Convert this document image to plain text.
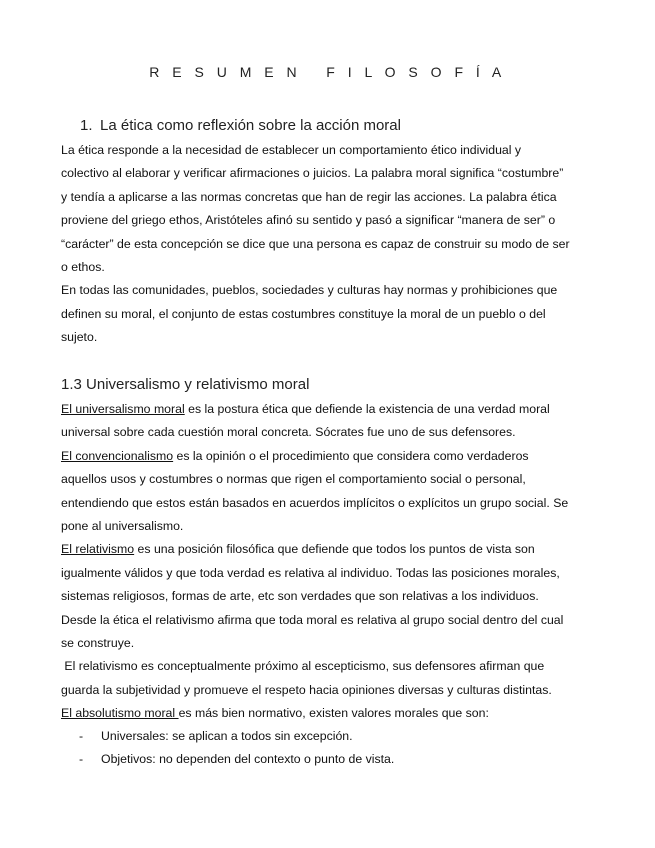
R E S U M E N   F I L O S O F Í A
1. La ética como reflexión sobre la acción moral

La ética responde a la necesidad de establecer un comportamiento ético individual y

colectivo al elaborar y verificar afirmaciones o juicios. La palabra moral significa “costumbre”

y tendía a aplicarse a las normas concretas que han de regir las acciones. La palabra ética

proviene del griego ethos, Aristóteles afinó su sentido y pasó a significar “manera de ser” o

“carácter” de esta concepción se dice que una persona es capaz de construir su modo de ser

o ethos.

En todas las comunidades, pueblos, sociedades y culturas hay normas y prohibiciones que

definen su moral, el conjunto de estas costumbres constituye la moral de un pueblo o del

sujeto.

1.3 Universalismo y relativismo moral

El universalismo moral es la postura ética que defiende la existencia de una verdad moral

universal sobre cada cuestión moral concreta. Sócrates fue uno de sus defensores.

El convencionalismo es la opinión o el procedimiento que considera como verdaderos

aquellos usos y costumbres o normas que rigen el comportamiento social o personal,

entendiendo que estos están basados en acuerdos implícitos o explícitos un grupo social. Se

pone al universalismo.

El relativismo es una posición filosófica que defiende que todos los puntos de vista son

igualmente válidos y que toda verdad es relativa al individuo. Todas las posiciones morales,

sistemas religiosos, formas de arte, etc son verdades que son relativas a los individuos.

Desde la ética el relativismo afirma que toda moral es relativa al grupo social dentro del cual

se construye.

El relativismo es conceptualmente próximo al escepticismo, sus defensores afirman que

guarda la subjetividad y promueve el respeto hacia opiniones diversas y culturas distintas.

El absolutismo moral es más bien normativo, existen valores morales que son:

-	Universales: se aplican a todos sin excepción.
-	Objetivos: no dependen del contexto o punto de vista.
